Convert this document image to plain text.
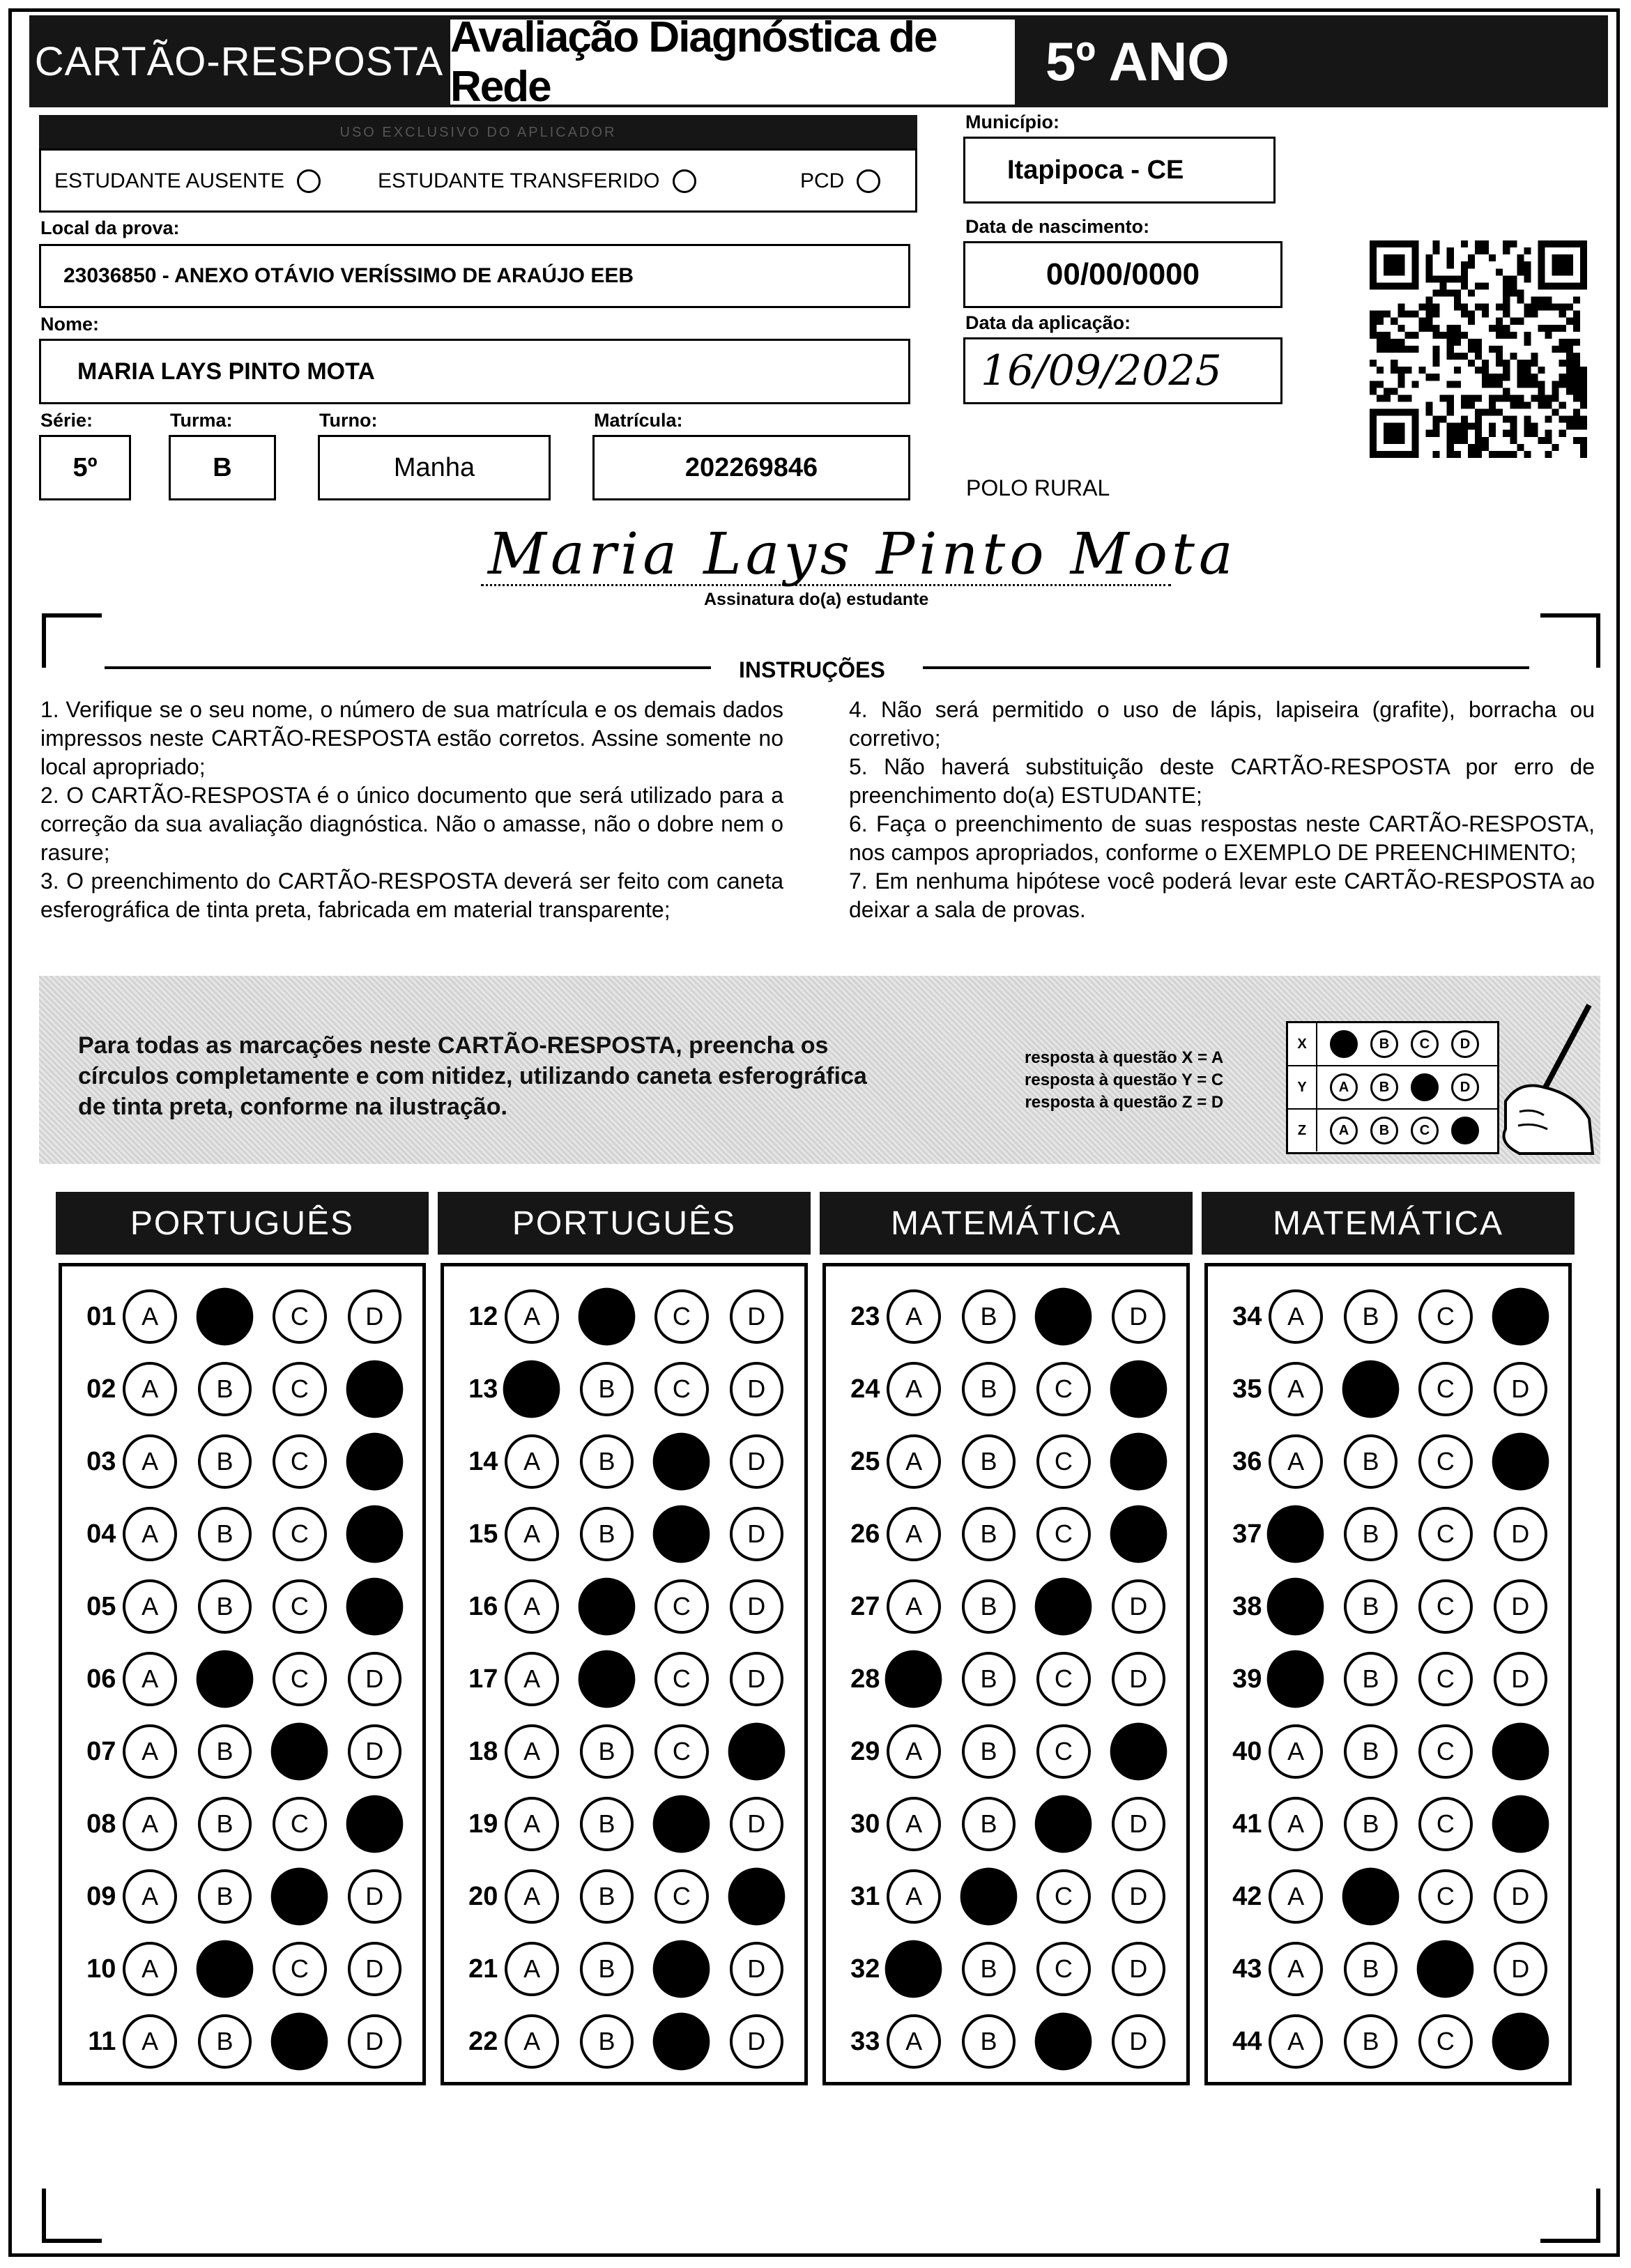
CARTÃO-RESPOSTA Avaliação Diagnóstica de Rede	5º ANO
USO EXCLUSIVO DO APLICADOR
ESTUDANTE AUSENTE	ESTUDANTE TRANSFERIDO	PCD
Município:
Itapipoca - CE
Local da prova:
23036850 - ANEXO OTÁVIO VERÍSSIMO DE ARAÚJO EEB
Data de nascimento:
00/00/0000
Nome:
MARIA LAYS PINTO MOTA
Data da aplicação:
16/09/2025
Série:
5º
Turma:
B
Turno:
Manha
Matrícula:
202269846
POLO RURAL
Maria Lays Pinto Mota
Assinatura do(a) estudante
INSTRUÇÕES

1. Verifique se o seu nome, o número de sua matrícula e os demais dados impressos neste CARTÃO-RESPOSTA estão corretos. Assine somente no local apropriado;

2. O CARTÃO-RESPOSTA é o único documento que será utilizado para a correção da sua avaliação diagnóstica. Não o amasse, não o dobre nem o rasure;

3. O preenchimento do CARTÃO-RESPOSTA deverá ser feito com caneta esferográfica de tinta preta, fabricada em material transparente;

4. Não será permitido o uso de lápis, lapiseira (grafite), borracha ou corretivo;

5. Não haverá substituição deste CARTÃO-RESPOSTA por erro de preenchimento do(a) ESTUDANTE;

6. Faça o preenchimento de suas respostas neste CARTÃO-RESPOSTA, nos campos apropriados, conforme o EXEMPLO DE PREENCHIMENTO;

7. Em nenhuma hipótese você poderá levar este CARTÃO-RESPOSTA ao deixar a sala de provas.

Para todas as marcações neste CARTÃO-RESPOSTA, preencha os círculos completamente e com nitidez, utilizando caneta esferográfica de tinta preta, conforme na ilustração.
resposta à questão X = A
resposta à questão Y = C
resposta à questão Z = D
X	B	C	D
Y	A	B	D
Z	A	B	C
PORTUGUÊS
01	A	C	D
02	A	B	C
03	A	B	C
04	A	B	C
05	A	B	C
06	A	C	D
07	A	B	D
08	A	B	C
09	A	B	D
10	A	C	D
11	A	B	D
PORTUGUÊS
12	A	C	D
13	B	C	D
14	A	B	D
15	A	B	D
16	A	C	D
17	A	C	D
18	A	B	C
19	A	B	D
20	A	B	C
21	A	B	D
22	A	B	D
MATEMÁTICA
23	A	B	D
24	A	B	C
25	A	B	C
26	A	B	C
27	A	B	D
28	B	C	D
29	A	B	C
30	A	B	D
31	A	C	D
32	B	C	D
33	A	B	D
MATEMÁTICA
34	A	B	C
35	A	C	D
36	A	B	C
37	B	C	D
38	B	C	D
39	B	C	D
40	A	B	C
41	A	B	C
42	A	C	D
43	A	B	D
44	A	B	C
